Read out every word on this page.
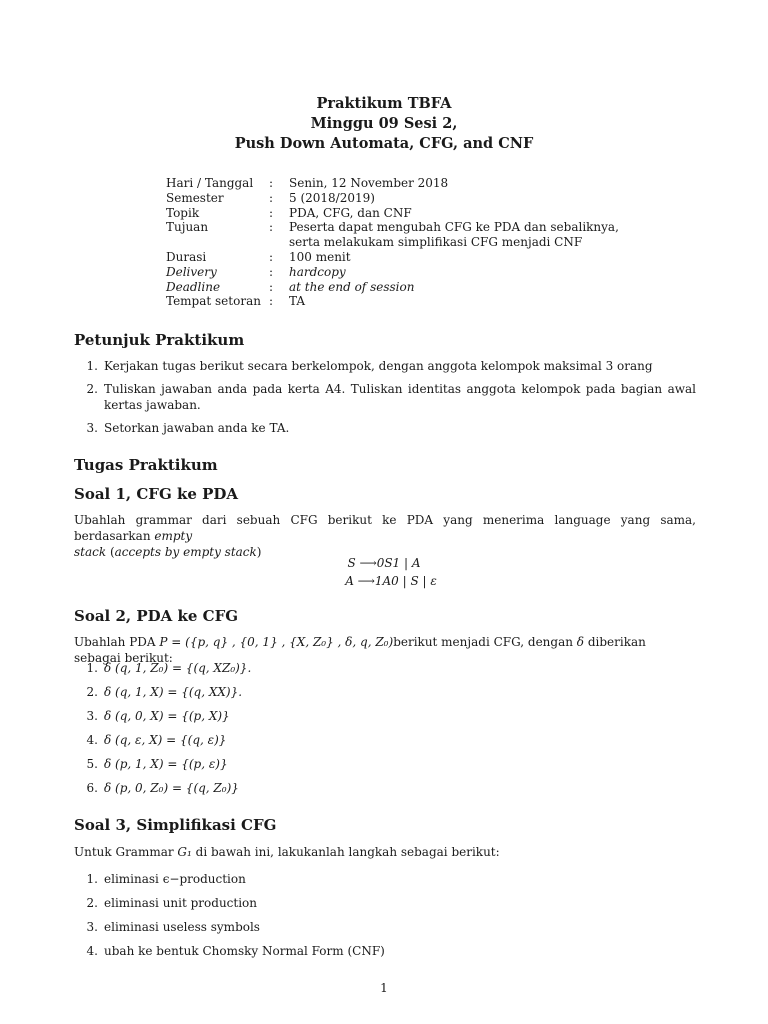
Praktikum TBFA
Minggu 09 Sesi 2,
Push Down Automata, CFG, and CNF
Hari / Tanggal	:	Senin, 12 November 2018
Semester	:	5 (2018/2019)
Topik	:	PDA, CFG, dan CNF
Tujuan	:	Peserta dapat mengubah CFG ke PDA dan sebaliknya,
serta melakukam simplifikasi CFG menjadi CNF
Durasi	:	100 menit
Delivery	:	hardcopy
Deadline	:	at the end of session
Tempat setoran :	TA
Petunjuk Praktikum
1. Kerjakan tugas berikut secara berkelompok, dengan anggota kelompok maksimal 3 orang
2. Tuliskan jawaban anda pada kerta A4. Tuliskan identitas anggota kelompok pada bagian awal kertas jawaban.
3. Setorkan jawaban anda ke TA.
Tugas Praktikum
Soal 1, CFG ke PDA
Ubahlah grammar dari sebuah CFG berikut ke PDA yang menerima language yang sama, berdasarkan empty
stack (accepts by empty stack)
S ⟶0S1 | A
A ⟶1A0 | S | ε
Soal 2, PDA ke CFG
Ubahlah PDA P = ({p, q} , {0, 1} , {X, Z₀} , δ, q, Z₀)berikut menjadi CFG, dengan δ diberikan sebagai berikut:
1. δ (q, 1, Z₀) = {(q, XZ₀)}.
2. δ (q, 1, X) = {(q, XX)}.
3. δ (q, 0, X) = {(p, X)}
4. δ (q, ε, X) = {(q, ε)}
5. δ (p, 1, X) = {(p, ε)}
6. δ (p, 0, Z₀) = {(q, Z₀)}
Soal 3, Simplifikasi CFG
Untuk Grammar G₁ di bawah ini, lakukanlah langkah sebagai berikut:
1. eliminasi ϵ−production
2. eliminasi unit production
3. eliminasi useless symbols
4. ubah ke bentuk Chomsky Normal Form (CNF)
1
